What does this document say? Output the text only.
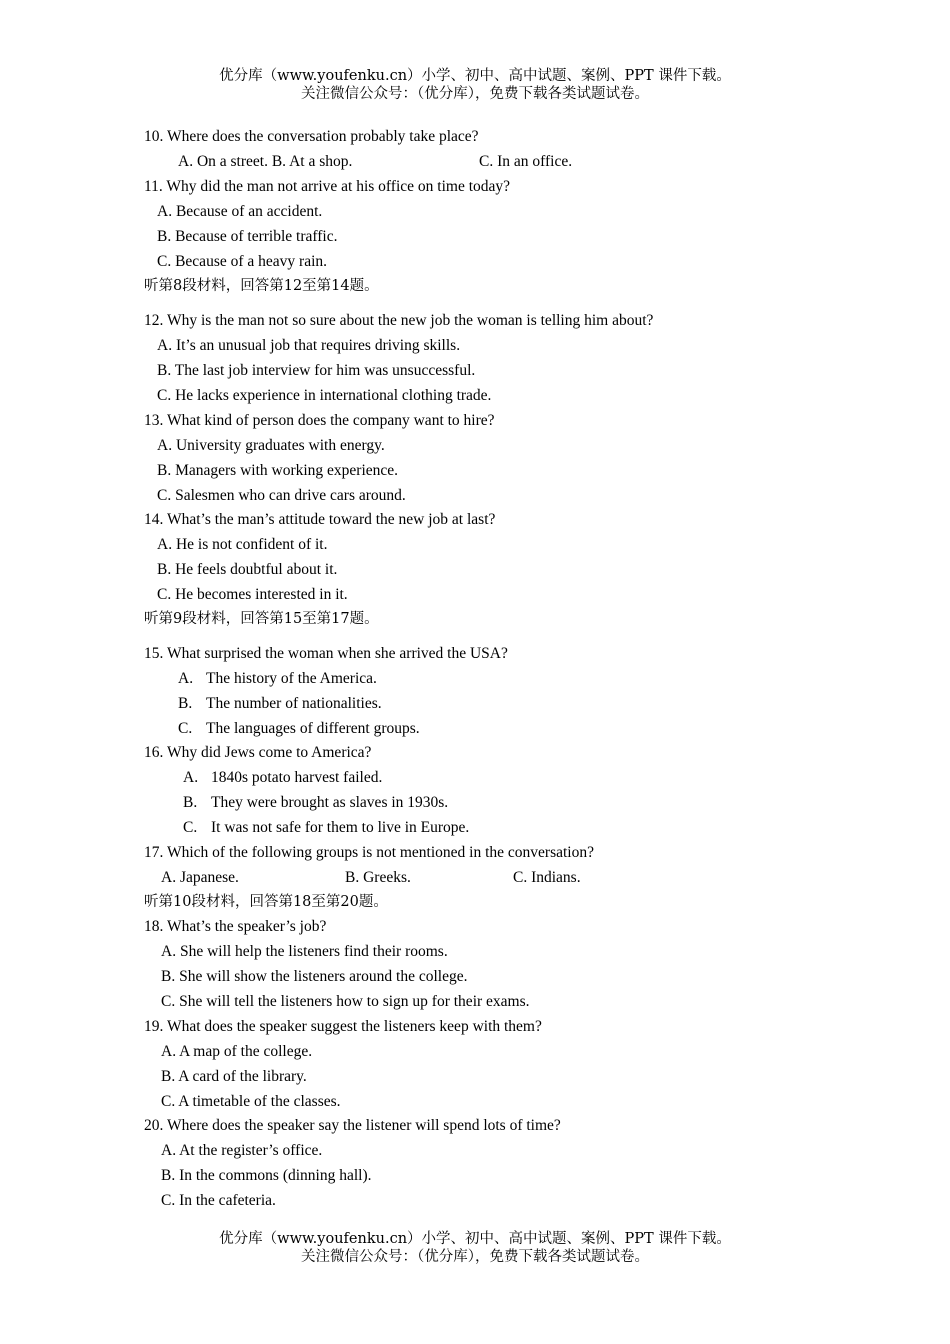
优分库（www.youfenku.cn）小学、初中、高中试题、案例、PPT 课件下载。
关注微信公众号：（优分库），免费下载各类试题试卷。
10. Where does the conversation probably take place?
A. On a street. B. At a shop.	C. In an office.
11. Why did the man not arrive at his office on time today?
A. Because of an accident.
B. Because of terrible traffic.
C. Because of a heavy rain.
听第8段材料，回答第12至第14题。
12. Why is the man not so sure about the new job the woman is telling him about?
A. It’s an unusual job that requires driving skills.
B. The last job interview for him was unsuccessful.
C. He lacks experience in international clothing trade.
13. What kind of person does the company want to hire?
A. University graduates with energy.
B. Managers with working experience.
C. Salesmen who can drive cars around.
14. What’s the man’s attitude toward the new job at last?
A. He is not confident of it.
B. He feels doubtful about it.
C. He becomes interested in it.
听第9段材料，回答第15至第17题。
15. What surprised the woman when she arrived the USA?
A. The history of the America.
B. The number of nationalities.
C. The languages of different groups.
16. Why did Jews come to America?
A. 1840s potato harvest failed.
B. They were brought as slaves in 1930s.
C. It was not safe for them to live in Europe.
17. Which of the following groups is not mentioned in the conversation?
A. Japanese.	B. Greeks.	C. Indians.
听第10段材料，回答第18至第20题。
18. What’s the speaker’s job?
A. She will help the listeners find their rooms.
B. She will show the listeners around the college.
C. She will tell the listeners how to sign up for their exams.
19. What does the speaker suggest the listeners keep with them?
A. A map of the college.
B. A card of the library.
C. A timetable of the classes.
20. Where does the speaker say the listener will spend lots of time?
A. At the register’s office.
B. In the commons (dinning hall).
C. In the cafeteria.
优分库（www.youfenku.cn）小学、初中、高中试题、案例、PPT 课件下载。
关注微信公众号：（优分库），免费下载各类试题试卷。
